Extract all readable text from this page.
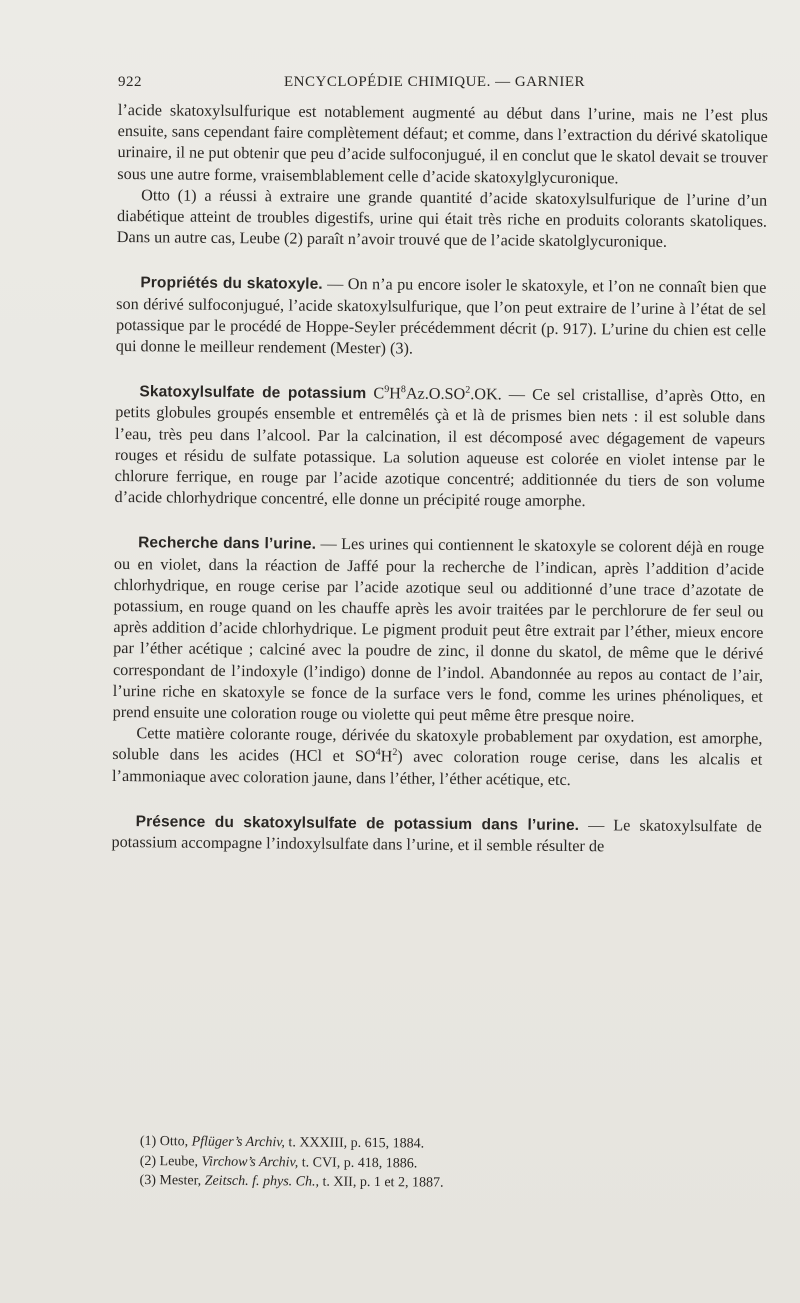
922	ENCYCLOPÉDIE CHIMIQUE. — GARNIER

l’acide skatoxylsulfurique est notablement augmenté au début dans l’urine, mais ne l’est plus ensuite, sans cependant faire complètement défaut; et comme, dans l’extraction du dérivé skatolique urinaire, il ne put obtenir que peu d’acide sulfoconjugué, il en conclut que le skatol devait se trouver sous une autre forme, vraisemblablement celle d’acide skatoxylglycuronique.

Otto (1) a réussi à extraire une grande quantité d’acide skatoxylsulfurique de l’urine d’un diabétique atteint de troubles digestifs, urine qui était très riche en produits colorants skatoliques. Dans un autre cas, Leube (2) paraît n’avoir trouvé que de l’acide skatolglycuronique.

Propriétés du skatoxyle. — On n’a pu encore isoler le skatoxyle, et l’on ne connaît bien que son dérivé sulfoconjugué, l’acide skatoxylsulfurique, que l’on peut extraire de l’urine à l’état de sel potassique par le procédé de Hoppe-Seyler précédemment décrit (p. 917). L’urine du chien est celle qui donne le meilleur rendement (Mester) (3).

Skatoxylsulfate de potassium $C^9H^8Az.O.SO^2.OK$. — Ce sel cristallise, d’après Otto, en petits globules groupés ensemble et entremêlés çà et là de prismes bien nets : il est soluble dans l’eau, très peu dans l’alcool. Par la calcination, il est décomposé avec dégagement de vapeurs rouges et résidu de sulfate potassique. La solution aqueuse est colorée en violet intense par le chlorure ferrique, en rouge par l’acide azotique concentré; additionnée du tiers de son volume d’acide chlorhydrique concentré, elle donne un précipité rouge amorphe.

Recherche dans l’urine. — Les urines qui contiennent le skatoxyle se colorent déjà en rouge ou en violet, dans la réaction de Jaffé pour la recherche de l’indican, après l’addition d’acide chlorhydrique, en rouge cerise par l’acide azotique seul ou additionné d’une trace d’azotate de potassium, en rouge quand on les chauffe après les avoir traitées par le perchlorure de fer seul ou après addition d’acide chlorhydrique. Le pigment produit peut être extrait par l’éther, mieux encore par l’éther acétique ; calciné avec la poudre de zinc, il donne du skatol, de même que le dérivé correspondant de l’indoxyle (l’indigo) donne de l’indol. Abandonnée au repos au contact de l’air, l’urine riche en skatoxyle se fonce de la surface vers le fond, comme les urines phénoliques, et prend ensuite une coloration rouge ou violette qui peut même être presque noire.

Cette matière colorante rouge, dérivée du skatoxyle probablement par oxydation, est amorphe, soluble dans les acides (HCl et $SO^4H^2$) avec coloration rouge cerise, dans les alcalis et l’ammoniaque avec coloration jaune, dans l’éther, l’éther acétique, etc.

Présence du skatoxylsulfate de potassium dans l’urine. — Le skatoxylsulfate de potassium accompagne l’indoxylsulfate dans l’urine, et il semble résulter de

(1) Otto, Pflüger’s Archiv, t. XXXIII, p. 615, 1884.
(2) Leube, Virchow’s Archiv, t. CVI, p. 418, 1886.
(3) Mester, Zeitsch. f. phys. Ch., t. XII, p. 1 et 2, 1887.
